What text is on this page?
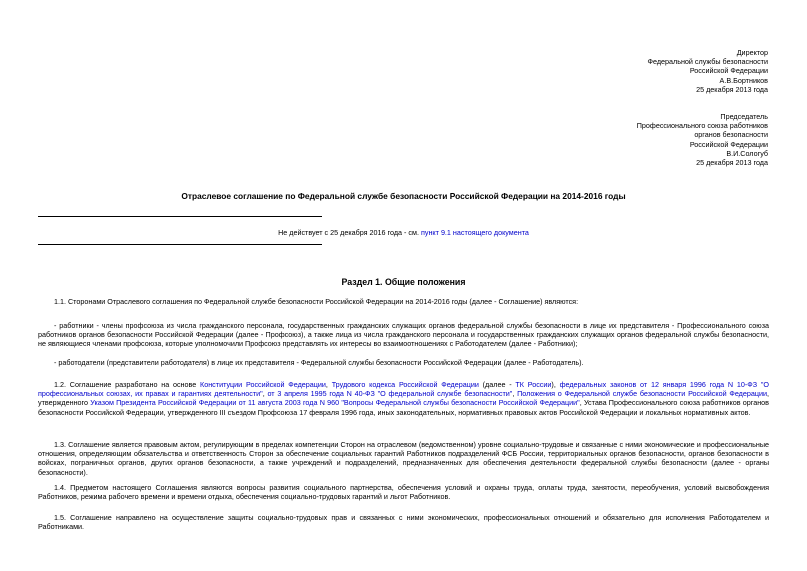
Директор
Федеральной службы безопасности
Российской Федерации
А.В.Бортников
25 декабря 2013 года
Председатель
Профессионального союза работников
органов безопасности
Российской Федерации
В.И.Сологуб
25 декабря 2013 года
Отраслевое соглашение по Федеральной службе безопасности Российской Федерации на 2014-2016 годы
Не действует с 25 декабря 2016 года - см. пункт 9.1 настоящего документа
Раздел 1. Общие положения
1.1. Сторонами Отраслевого соглашения по Федеральной службе безопасности Российской Федерации на 2014-2016 годы (далее - Соглашение) являются:
- работники - члены профсоюза из числа гражданского персонала, государственных гражданских служащих органов федеральной службы безопасности в лице их представителя - Профессионального союза работников органов безопасности Российской Федерации (далее - Профсоюз), а также лица из числа гражданского персонала и государственных гражданских служащих органов федеральной службы безопасности, не являющиеся членами профсоюза, которые уполномочили Профсоюз представлять их интересы во взаимоотношениях с Работодателем (далее - Работники);
- работодатели (представители работодателя) в лице их представителя - Федеральной службы безопасности Российской Федерации (далее - Работодатель).
1.2. Соглашение разработано на основе Конституции Российской Федерации, Трудового кодекса Российской Федерации (далее - ТК России), федеральных законов от 12 января 1996 года N 10-ФЗ "О профессиональных союзах, их правах и гарантиях деятельности", от 3 апреля 1995 года N 40-ФЗ "О федеральной службе безопасности", Положения о Федеральной службе безопасности Российской Федерации, утвержденного Указом Президента Российской Федерации от 11 августа 2003 года N 960 "Вопросы Федеральной службы безопасности Российской Федерации", Устава Профессионального союза работников органов безопасности Российской Федерации, утвержденного III съездом Профсоюза 17 февраля 1996 года, иных законодательных, нормативных правовых актов Российской Федерации и локальных нормативных актов.
1.3. Соглашение является правовым актом, регулирующим в пределах компетенции Сторон на отраслевом (ведомственном) уровне социально-трудовые и связанные с ними экономические и профессиональные отношения, определяющим обязательства и ответственность Сторон за обеспечение социальных гарантий Работников подразделений ФСБ России, территориальных органов безопасности, органов безопасности в войсках, пограничных органов, других органов безопасности, а также учреждений и подразделений, предназначенных для обеспечения деятельности федеральной службы безопасности (далее - органы безопасности).
1.4. Предметом настоящего Соглашения являются вопросы развития социального партнерства, обеспечения условий и охраны труда, оплаты труда, занятости, переобучения, условий высвобождения Работников, режима рабочего времени и времени отдыха, обеспечения социально-трудовых гарантий и льгот Работников.
1.5. Соглашение направлено на осуществление защиты социально-трудовых прав и связанных с ними экономических, профессиональных отношений и обязательно для исполнения Работодателем и Работниками.
